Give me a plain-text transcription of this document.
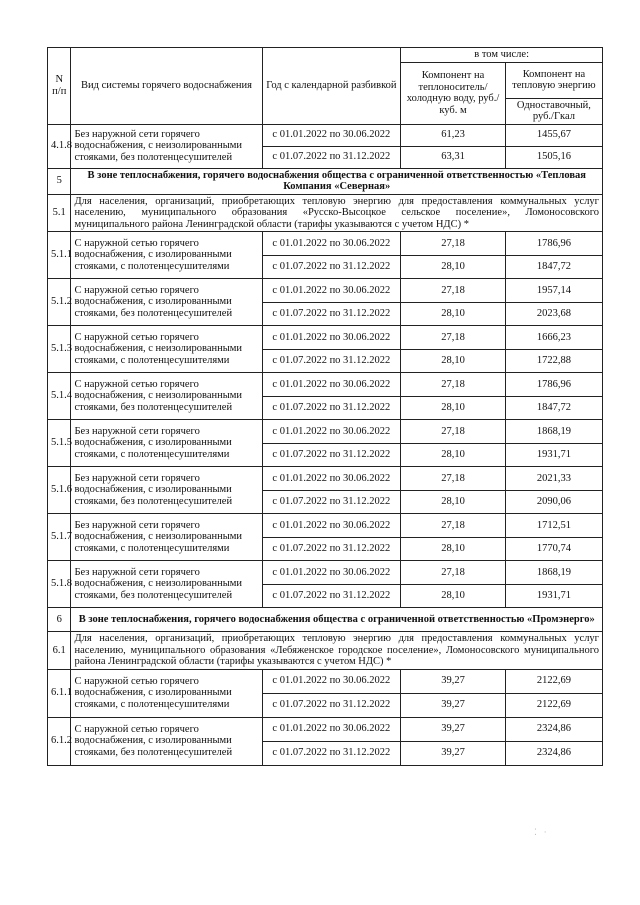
N
п/п	Вид системы горячего водоснабжения	Год с календарной разбивкой	в том числе:	
			Компонент на теплоноситель/холодную воду, руб./куб. м	Компонент на тепловую энергию
				Одноставочный, руб./Гкал
4.1.8	Без наружной сети горячего водоснабжения, с неизолированными стояками, без полотенцесушителей	с 01.01.2022 по 30.06.2022	61,23	1455,67
		с 01.07.2022 по 31.12.2022	63,31	1505,16
5	В зоне теплоснабжения, горячего водоснабжения общества с ограниченной ответственностью «Тепловая Компания «Северная»			
5.1	Для населения, организаций, приобретающих тепловую энергию для предоставления коммунальных услуг населению, муниципального образования «Русско-Высоцкое сельское поселение», Ломоносовского муниципального района Ленинградской области (тарифы указываются с учетом НДС) *			
5.1.1	С наружной сетью горячего водоснабжения, с изолированными стояками, с полотенцесушителями	с 01.01.2022 по 30.06.2022	27,18	1786,96
		с 01.07.2022 по 31.12.2022	28,10	1847,72
5.1.2	С наружной сетью горячего водоснабжения, с изолированными стояками, без полотенцесушителей	с 01.01.2022 по 30.06.2022	27,18	1957,14
		с 01.07.2022 по 31.12.2022	28,10	2023,68
5.1.3	С наружной сетью горячего водоснабжения, с неизолированными стояками, с полотенцесушителями	с 01.01.2022 по 30.06.2022	27,18	1666,23
		с 01.07.2022 по 31.12.2022	28,10	1722,88
5.1.4	С наружной сетью горячего водоснабжения, с неизолированными стояками, без полотенцесушителей	с 01.01.2022 по 30.06.2022	27,18	1786,96
		с 01.07.2022 по 31.12.2022	28,10	1847,72
5.1.5	Без наружной сети горячего водоснабжения, с изолированными стояками, с полотенцесушителями	с 01.01.2022 по 30.06.2022	27,18	1868,19
		с 01.07.2022 по 31.12.2022	28,10	1931,71
5.1.6	Без наружной сети горячего водоснабжения, с изолированными стояками, без полотенцесушителей	с 01.01.2022 по 30.06.2022	27,18	2021,33
		с 01.07.2022 по 31.12.2022	28,10	2090,06
5.1.7	Без наружной сети горячего водоснабжения, с неизолированными стояками, с полотенцесушителями	с 01.01.2022 по 30.06.2022	27,18	1712,51
		с 01.07.2022 по 31.12.2022	28,10	1770,74
5.1.8	Без наружной сети горячего водоснабжения, с неизолированными стояками, без полотенцесушителей	с 01.01.2022 по 30.06.2022	27,18	1868,19
		с 01.07.2022 по 31.12.2022	28,10	1931,71
6	В зоне теплоснабжения, горячего водоснабжения общества с ограниченной ответственностью «Промэнерго»			
6.1	Для населения, организаций, приобретающих тепловую энергию для предоставления коммунальных услуг населению, муниципального образования «Лебяженское городское поселение», Ломоносовского муниципального района Ленинградской области (тарифы указываются с учетом НДС) *			
6.1.1	С наружной сетью горячего водоснабжения, с изолированными стояками, с полотенцесушителями	с 01.01.2022 по 30.06.2022	39,27	2122,69
		с 01.07.2022 по 31.12.2022	39,27	2122,69
6.1.2	С наружной сетью горячего водоснабжения, с изолированными стояками, без полотенцесушителей	с 01.01.2022 по 30.06.2022	39,27	2324,86
		с 01.07.2022 по 31.12.2022	39,27	2324,86
⁚ ·
